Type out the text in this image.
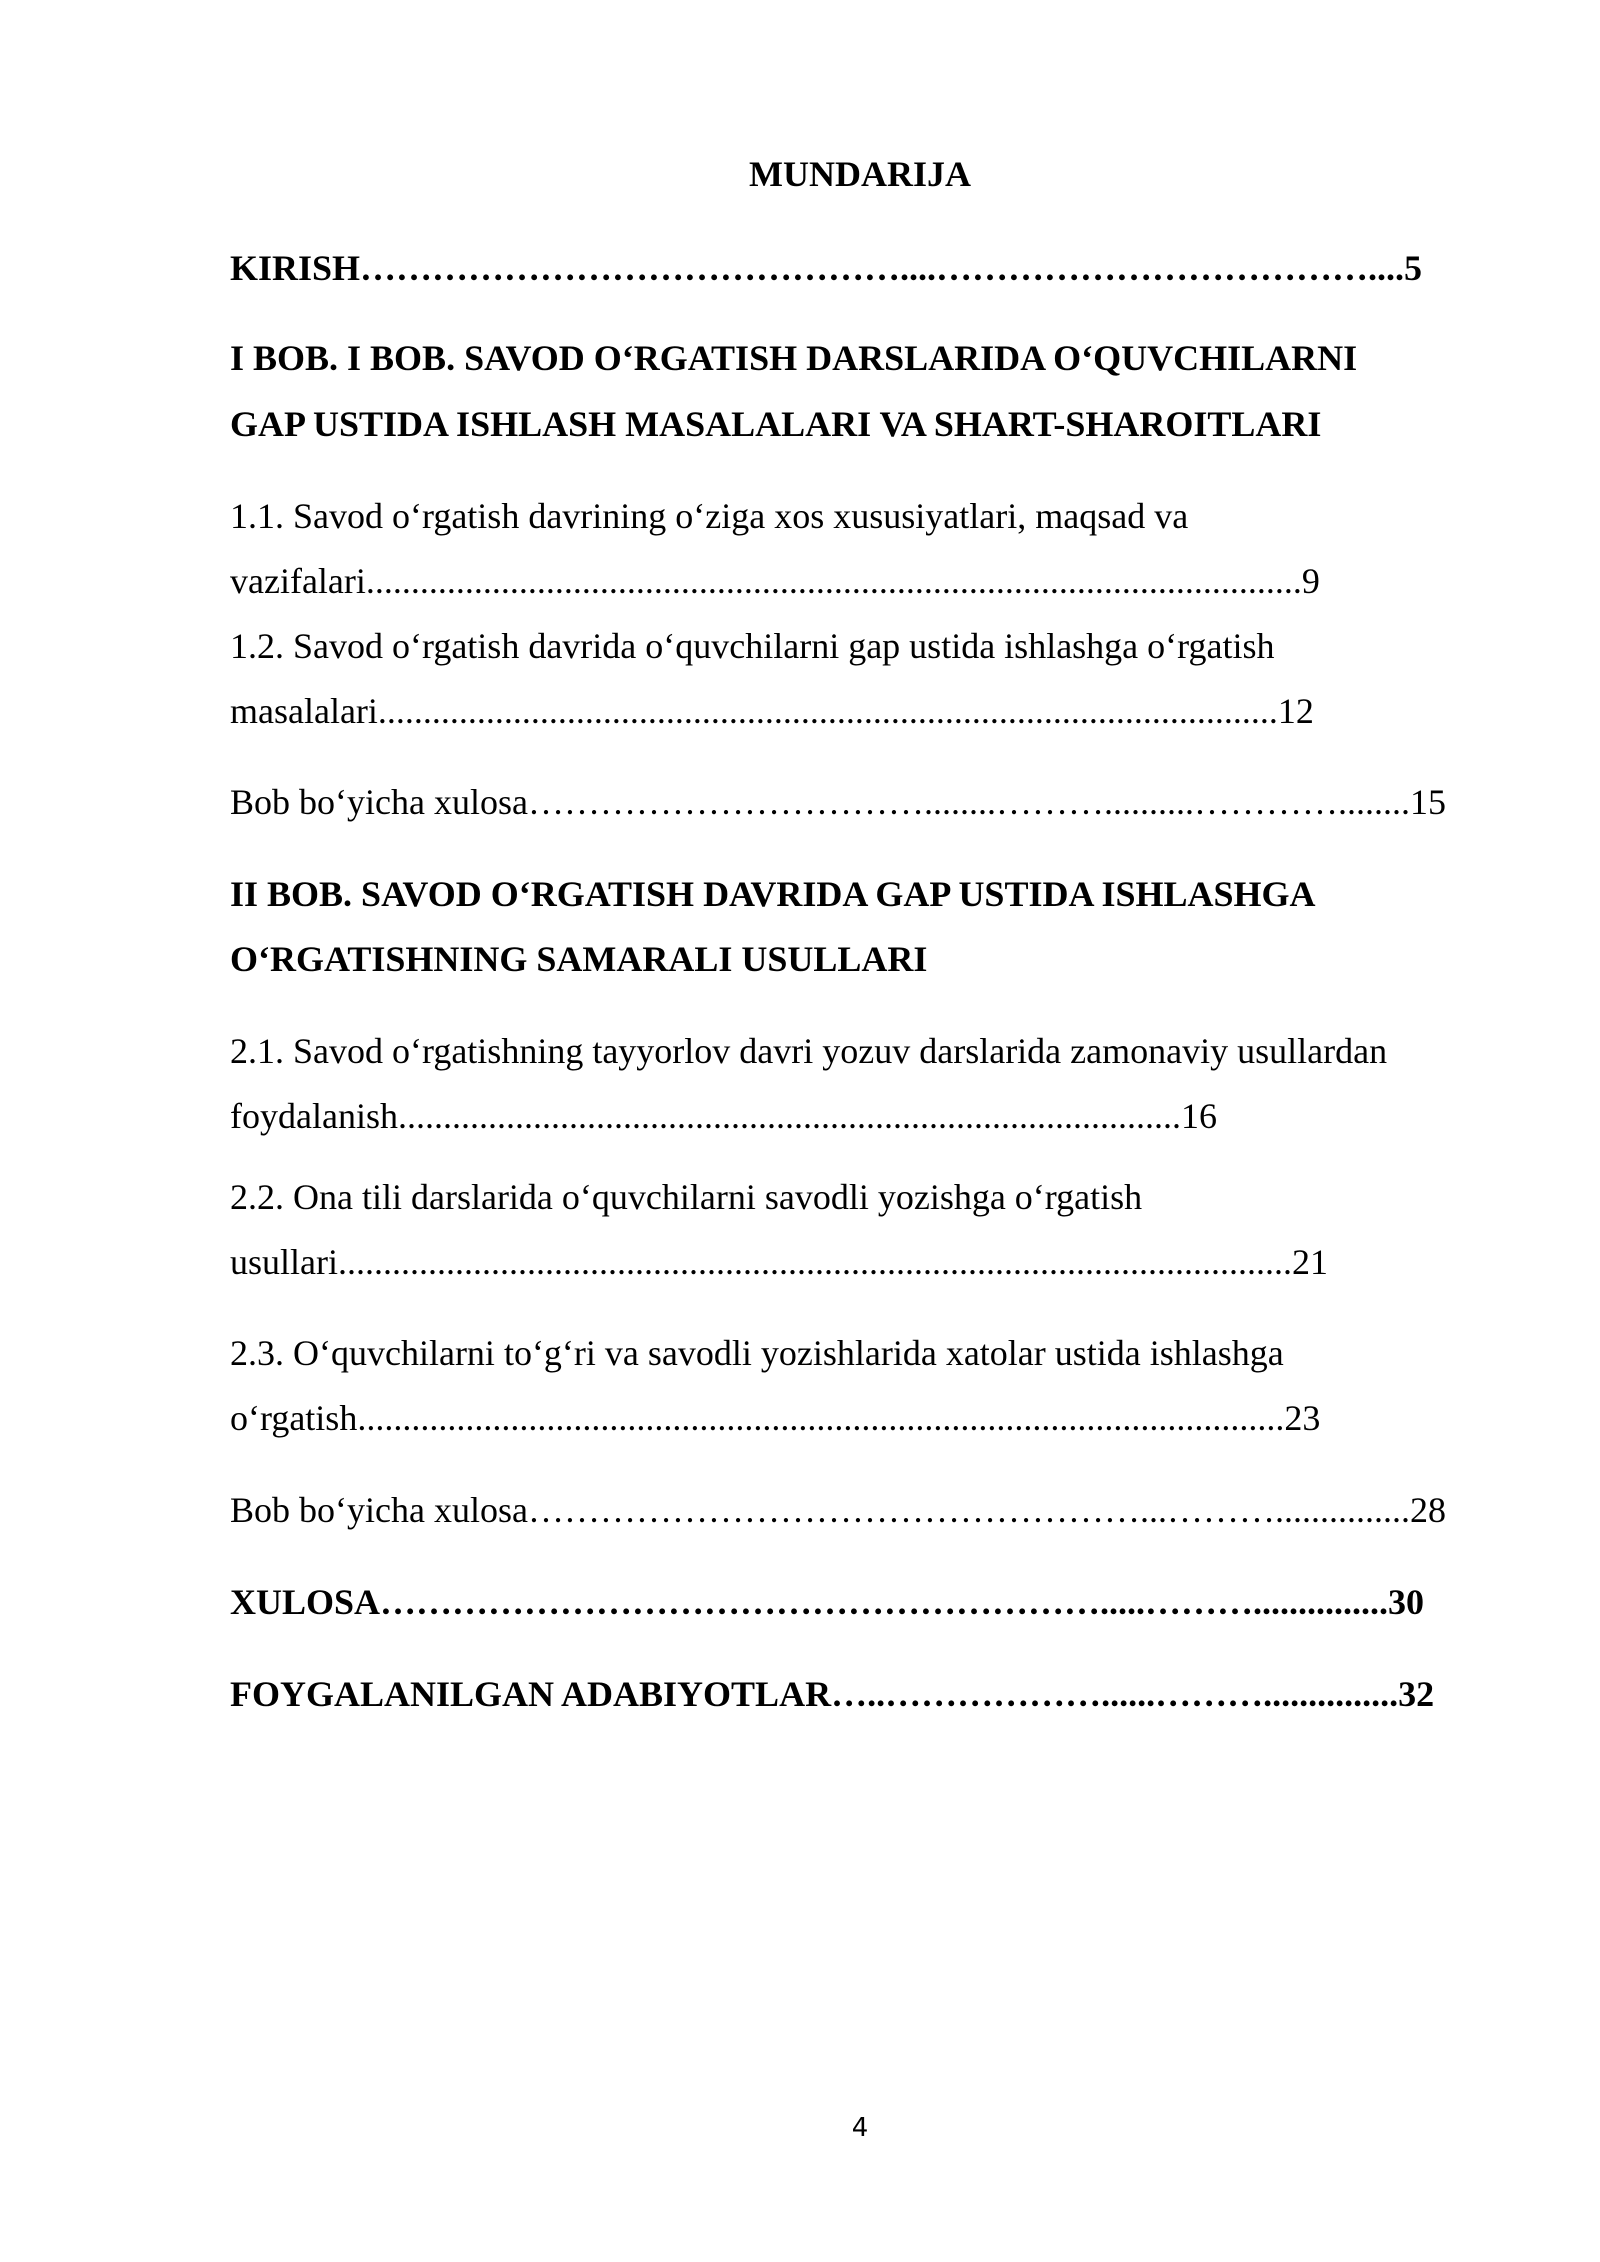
MUNDARIJA
KIRISH………………………………………....………………………………....5
I BOB. I BOB. SAVOD O‘RGATISH DARSLARIDA O‘QUVCHILARNI
GAP USTIDA ISHLASH MASALALARI VA SHART-SHAROITLARI
1.1. Savod o‘rgatish davrining o‘ziga xos xususiyatlari, maqsad va
vazifalari........................................................................................................9
1.2. Savod o‘rgatish davrida o‘quvchilarni gap ustida ishlashga o‘rgatish
masalalari....................................................................................................12
Bob bo‘yicha xulosa……………………………........………..........…………........15
II BOB. SAVOD O‘RGATISH DAVRIDA GAP USTIDA ISHLASHGA
O‘RGATISHNING SAMARALI USULLARI
2.1. Savod o‘rgatishning tayyorlov davri yozuv darslarida zamonaviy usullardan
foydalanish.......................................................................................16
2.2. Ona tili darslarida o‘quvchilarni savodli yozishga o‘rgatish
usullari..........................................................................................................21
2.3. O‘quvchilarni to‘g‘ri va savodli yozishlarida xatolar ustida ishlashga
o‘rgatish.......................................................................................................23
Bob bo‘yicha xulosa……………………………………………...………...............28
XULOSA…………………………………………………….....………...............30
FOYGALANILGAN ADABIYOTLAR…..………………......………...............32
4
